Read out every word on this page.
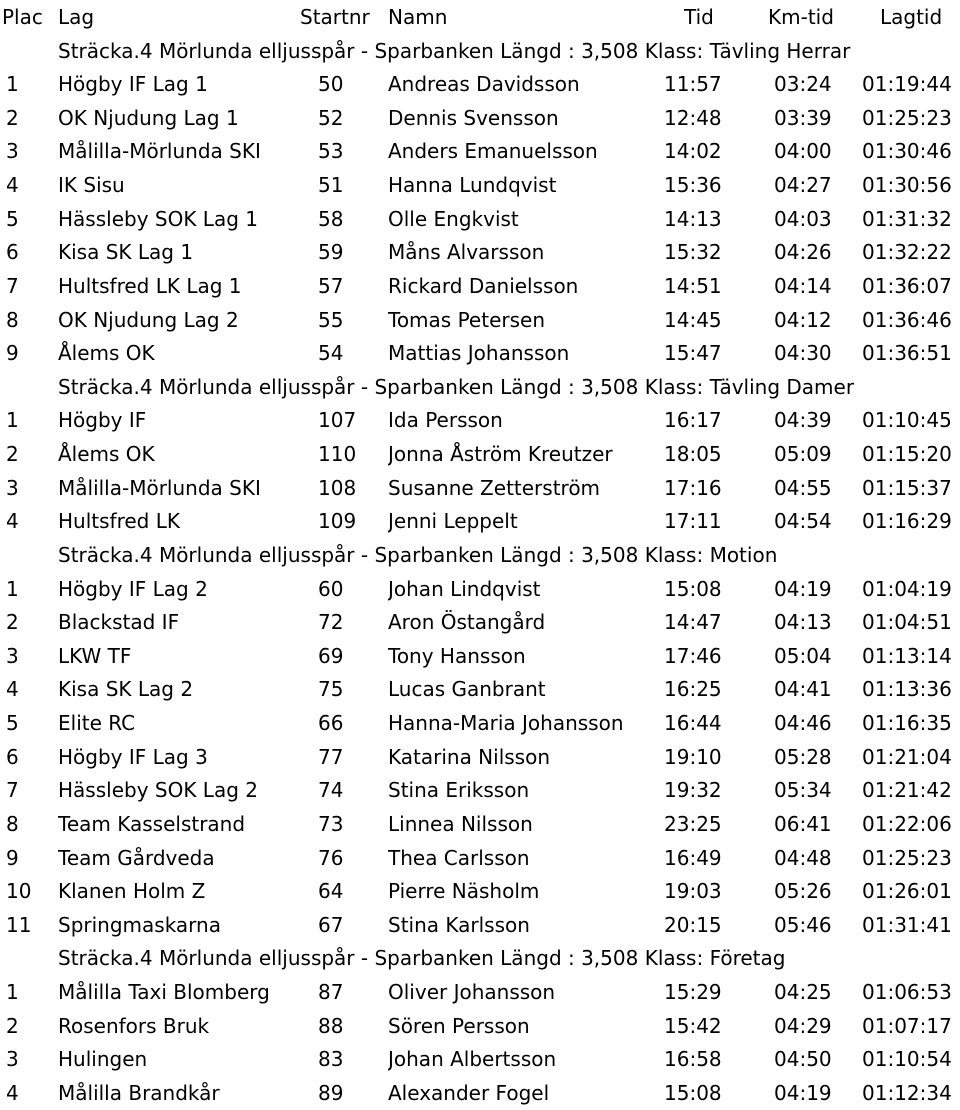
Plac Lag	Startnr Namn	Tid	Km-tid	Lagtid
Sträcka.4 Mörlunda elljusspår - Sparbanken Längd : 3,508 Klass: Tävling Herrar
1	Högby IF Lag 1	50	Andreas Davidsson	11:57	03:24	01:19:44
2	OK Njudung Lag 1	52	Dennis Svensson	12:48	03:39	01:25:23
3	Målilla-Mörlunda SKI	53	Anders Emanuelsson	14:02	04:00	01:30:46
4	IK Sisu	51	Hanna Lundqvist	15:36	04:27	01:30:56
5	Hässleby SOK Lag 1	58	Olle Engkvist	14:13	04:03	01:31:32
6	Kisa SK Lag 1	59	Måns Alvarsson	15:32	04:26	01:32:22
7	Hultsfred LK Lag 1	57	Rickard Danielsson	14:51	04:14	01:36:07
8	OK Njudung Lag 2	55	Tomas Petersen	14:45	04:12	01:36:46
9	Ålems OK	54	Mattias Johansson	15:47	04:30	01:36:51
Sträcka.4 Mörlunda elljusspår - Sparbanken Längd : 3,508 Klass: Tävling Damer
1	Högby IF	107	Ida Persson	16:17	04:39	01:10:45
2	Ålems OK	110	Jonna Åström Kreutzer	18:05	05:09	01:15:20
3	Målilla-Mörlunda SKI	108	Susanne Zetterström	17:16	04:55	01:15:37
4	Hultsfred LK	109	Jenni Leppelt	17:11	04:54	01:16:29
Sträcka.4 Mörlunda elljusspår - Sparbanken Längd : 3,508 Klass: Motion
1	Högby IF Lag 2	60	Johan Lindqvist	15:08	04:19	01:04:19
2	Blackstad IF	72	Aron Östangård	14:47	04:13	01:04:51
3	LKW TF	69	Tony Hansson	17:46	05:04	01:13:14
4	Kisa SK Lag 2	75	Lucas Ganbrant	16:25	04:41	01:13:36
5	Elite RC	66	Hanna-Maria Johansson	16:44	04:46	01:16:35
6	Högby IF Lag 3	77	Katarina Nilsson	19:10	05:28	01:21:04
7	Hässleby SOK Lag 2	74	Stina Eriksson	19:32	05:34	01:21:42
8	Team Kasselstrand	73	Linnea Nilsson	23:25	06:41	01:22:06
9	Team Gårdveda	76	Thea Carlsson	16:49	04:48	01:25:23
10	Klanen Holm Z	64	Pierre Näsholm	19:03	05:26	01:26:01
11	Springmaskarna	67	Stina Karlsson	20:15	05:46	01:31:41
Sträcka.4 Mörlunda elljusspår - Sparbanken Längd : 3,508 Klass: Företag
1	Målilla Taxi Blomberg	87	Oliver Johansson	15:29	04:25	01:06:53
2	Rosenfors Bruk	88	Sören Persson	15:42	04:29	01:07:17
3	Hulingen	83	Johan Albertsson	16:58	04:50	01:10:54
4	Målilla Brandkår	89	Alexander Fogel	15:08	04:19	01:12:34
